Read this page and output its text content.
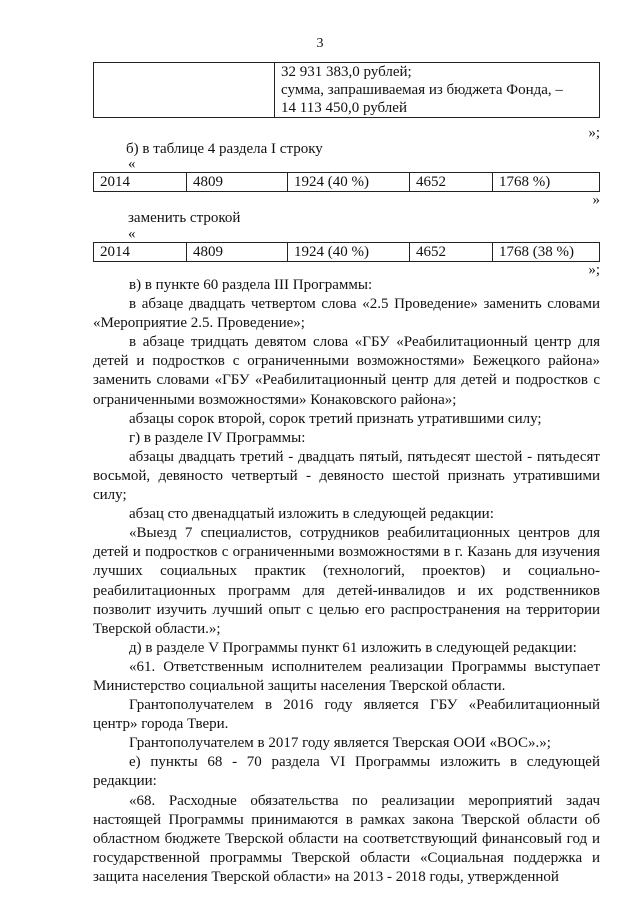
3

32 931 383,0 рублей;
сумма, запрашиваемая из бюджета Фонда, –
14 113 450,0 рублей
»;
б) в таблице 4 раздела I строку
«
2014	4809	1924 (40 %)	4652	1768 %)
»
заменить строкой
«
2014	4809	1924 (40 %)	4652	1768 (38 %)
»;

в) в пункте 60 раздела III Программы:

в абзаце двадцать четвертом слова «2.5 Проведение» заменить словами «Мероприятие 2.5. Проведение»;

в абзаце тридцать девятом слова «ГБУ «Реабилитационный центр для детей и подростков с ограниченными возможностями» Бежецкого района» заменить словами «ГБУ «Реабилитационный центр для детей и подростков с ограниченными возможностями» Конаковского района»;

абзацы сорок второй, сорок третий признать утратившими силу;

г) в разделе IV Программы:

абзацы двадцать третий - двадцать пятый, пятьдесят шестой - пятьдесят восьмой, девяносто четвертый - девяносто шестой признать утратившими силу;

абзац сто двенадцатый изложить в следующей редакции:

«Выезд 7 специалистов, сотрудников реабилитационных центров для детей и подростков с ограниченными возможностями в г. Казань для изучения лучших социальных практик (технологий, проектов) и социально-реабилитационных программ для детей-инвалидов и их родственников позволит изучить лучший опыт с целью его распространения на территории Тверской области.»;

д) в разделе V Программы пункт 61 изложить в следующей редакции:

«61. Ответственным исполнителем реализации Программы выступает Министерство социальной защиты населения Тверской области.

Грантополучателем в 2016 году является ГБУ «Реабилитационный центр» города Твери.

Грантополучателем в 2017 году является Тверская ООИ «ВОС».»;

е) пункты 68 - 70 раздела VI Программы изложить в следующей редакции:

«68. Расходные обязательства по реализации мероприятий задач настоящей Программы принимаются в рамках закона Тверской области об областном бюджете Тверской области на соответствующий финансовый год и государственной программы Тверской области «Социальная поддержка и защита населения Тверской области» на 2013 - 2018 годы, утвержденной
